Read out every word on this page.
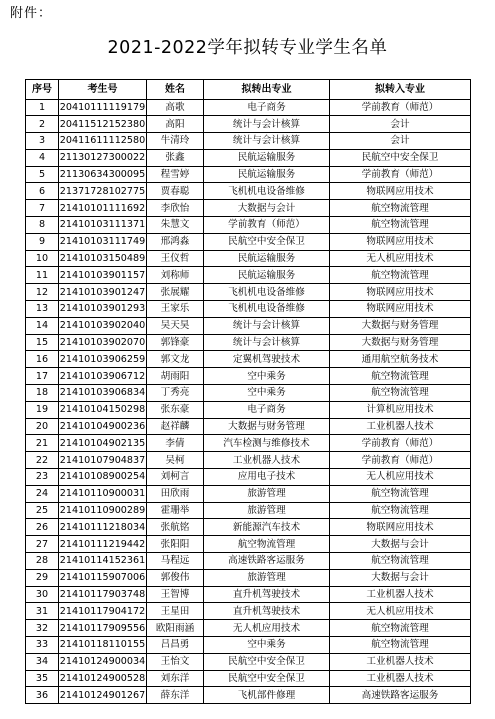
附件：
2021-2022学年拟转专业学生名单
序号	考生号	姓名	拟转出专业	拟转入专业
1	20410111119179	高歌	电子商务	学前教育（师范）
2	20411512152380	高阳	统计与会计核算	会计
3	20411611112580	牛清玲	统计与会计核算	会计
4	21130127300022	张鑫	民航运输服务	民航空中安全保卫
5	21130634300095	程雪婷	民航运输服务	学前教育（师范）
6	21371728102775	贾春聪	飞机机电设备维修	物联网应用技术
7	21410101111692	李欣怡	大数据与会计	航空物流管理
8	21410103111371	朱慧文	学前教育（师范）	航空物流管理
9	21410103111749	邢鸿淼	民航空中安全保卫	物联网应用技术
10	21410103150489	王仪哲	民航运输服务	无人机应用技术
11	21410103901157	刘称师	民航运输服务	航空物流管理
12	21410103901247	张展耀	飞机机电设备维修	物联网应用技术
13	21410103901293	王家乐	飞机机电设备维修	物联网应用技术
14	21410103902040	吴天昊	统计与会计核算	大数据与财务管理
15	21410103902070	郭锋豪	统计与会计核算	大数据与财务管理
16	21410103906259	郭文龙	定翼机驾驶技术	通用航空航务技术
17	21410103906712	胡雨阳	空中乘务	航空物流管理
18	21410103906834	丁秀亮	空中乘务	航空物流管理
19	21410104150298	张东豪	电子商务	计算机应用技术
20	21410104900236	赵祥麟	大数据与财务管理	工业机器人技术
21	21410104902135	李倩	汽车检测与维修技术	学前教育（师范）
22	21410107904837	吴柯	工业机器人技术	学前教育（师范）
23	21410108900254	刘柯言	应用电子技术	无人机应用技术
24	21410110900031	田欣雨	旅游管理	航空物流管理
25	21410110900289	霍珊举	旅游管理	航空物流管理
26	21410111218034	张航铭	新能源汽车技术	物联网应用技术
27	21410111219442	张阳阳	航空物流管理	大数据与会计
28	21410114152361	马程远	高速铁路客运服务	航空物流管理
29	21410115907006	郭俊伟	旅游管理	大数据与会计
30	21410117903748	王智博	直升机驾驶技术	工业机器人技术
31	21410117904172	王星田	直升机驾驶技术	无人机应用技术
32	21410117909556	欧阳雨涵	无人机应用技术	航空物流管理
33	21410118110155	吕昌勇	空中乘务	航空物流管理
34	21410124900034	王怡文	民航空中安全保卫	工业机器人技术
35	21410124900528	刘东洋	民航空中安全保卫	工业机器人技术
36	21410124901267	薛东洋	飞机部件修理	高速铁路客运服务
